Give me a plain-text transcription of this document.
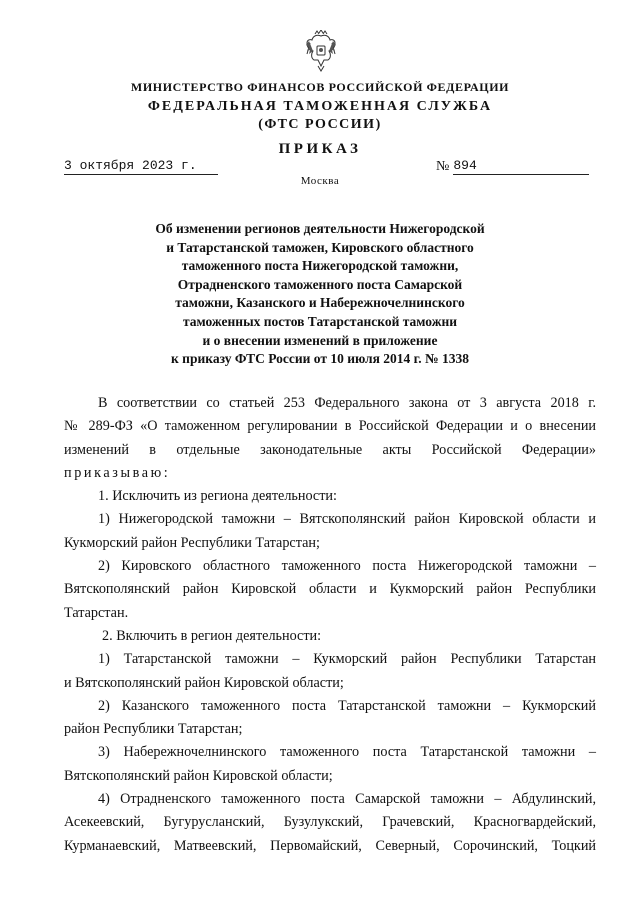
МИНИСТЕРСТВО ФИНАНСОВ РОССИЙСКОЙ ФЕДЕРАЦИИ
ФЕДЕРАЛЬНАЯ ТАМОЖЕННАЯ СЛУЖБА
(ФТС РОССИИ)
ПРИКАЗ
3 октября 2023 г.	№ 894
Москва
Об изменении регионов деятельности Нижегородской
и Татарстанской таможен, Кировского областного
таможенного поста Нижегородской таможни,
Отрадненского таможенного поста Самарской
таможни, Казанского и Набережночелнинского
таможенных постов Татарстанской таможни
и о внесении изменений в приложение
к приказу ФТС России от 10 июля 2014 г. № 1338
В соответствии со статьей 253 Федерального закона от 3 августа 2018 г.
№ 289-ФЗ «О таможенном регулировании в Российской Федерации и о внесении
изменений в отдельные законодательные акты Российской Федерации»
приказываю:
1. Исключить из региона деятельности:
1) Нижегородской таможни – Вятскополянский район Кировской области и
Кукморский район Республики Татарстан;
2) Кировского областного таможенного поста Нижегородской таможни –
Вятскополянский район Кировской области и Кукморский район Республики
Татарстан.
2. Включить в регион деятельности:
1) Татарстанской таможни – Кукморский район Республики Татарстан
и Вятскополянский район Кировской области;
2) Казанского таможенного поста Татарстанской таможни – Кукморский
район Республики Татарстан;
3) Набережночелнинского таможенного поста Татарстанской таможни –
Вятскополянский район Кировской области;
4) Отрадненского таможенного поста Самарской таможни – Абдулинский,
Асекеевский, Бугурусланский, Бузулукский, Грачевский, Красногвардейский,
Курманаевский, Матвеевский, Первомайский, Северный, Сорочинский, Тоцкий
